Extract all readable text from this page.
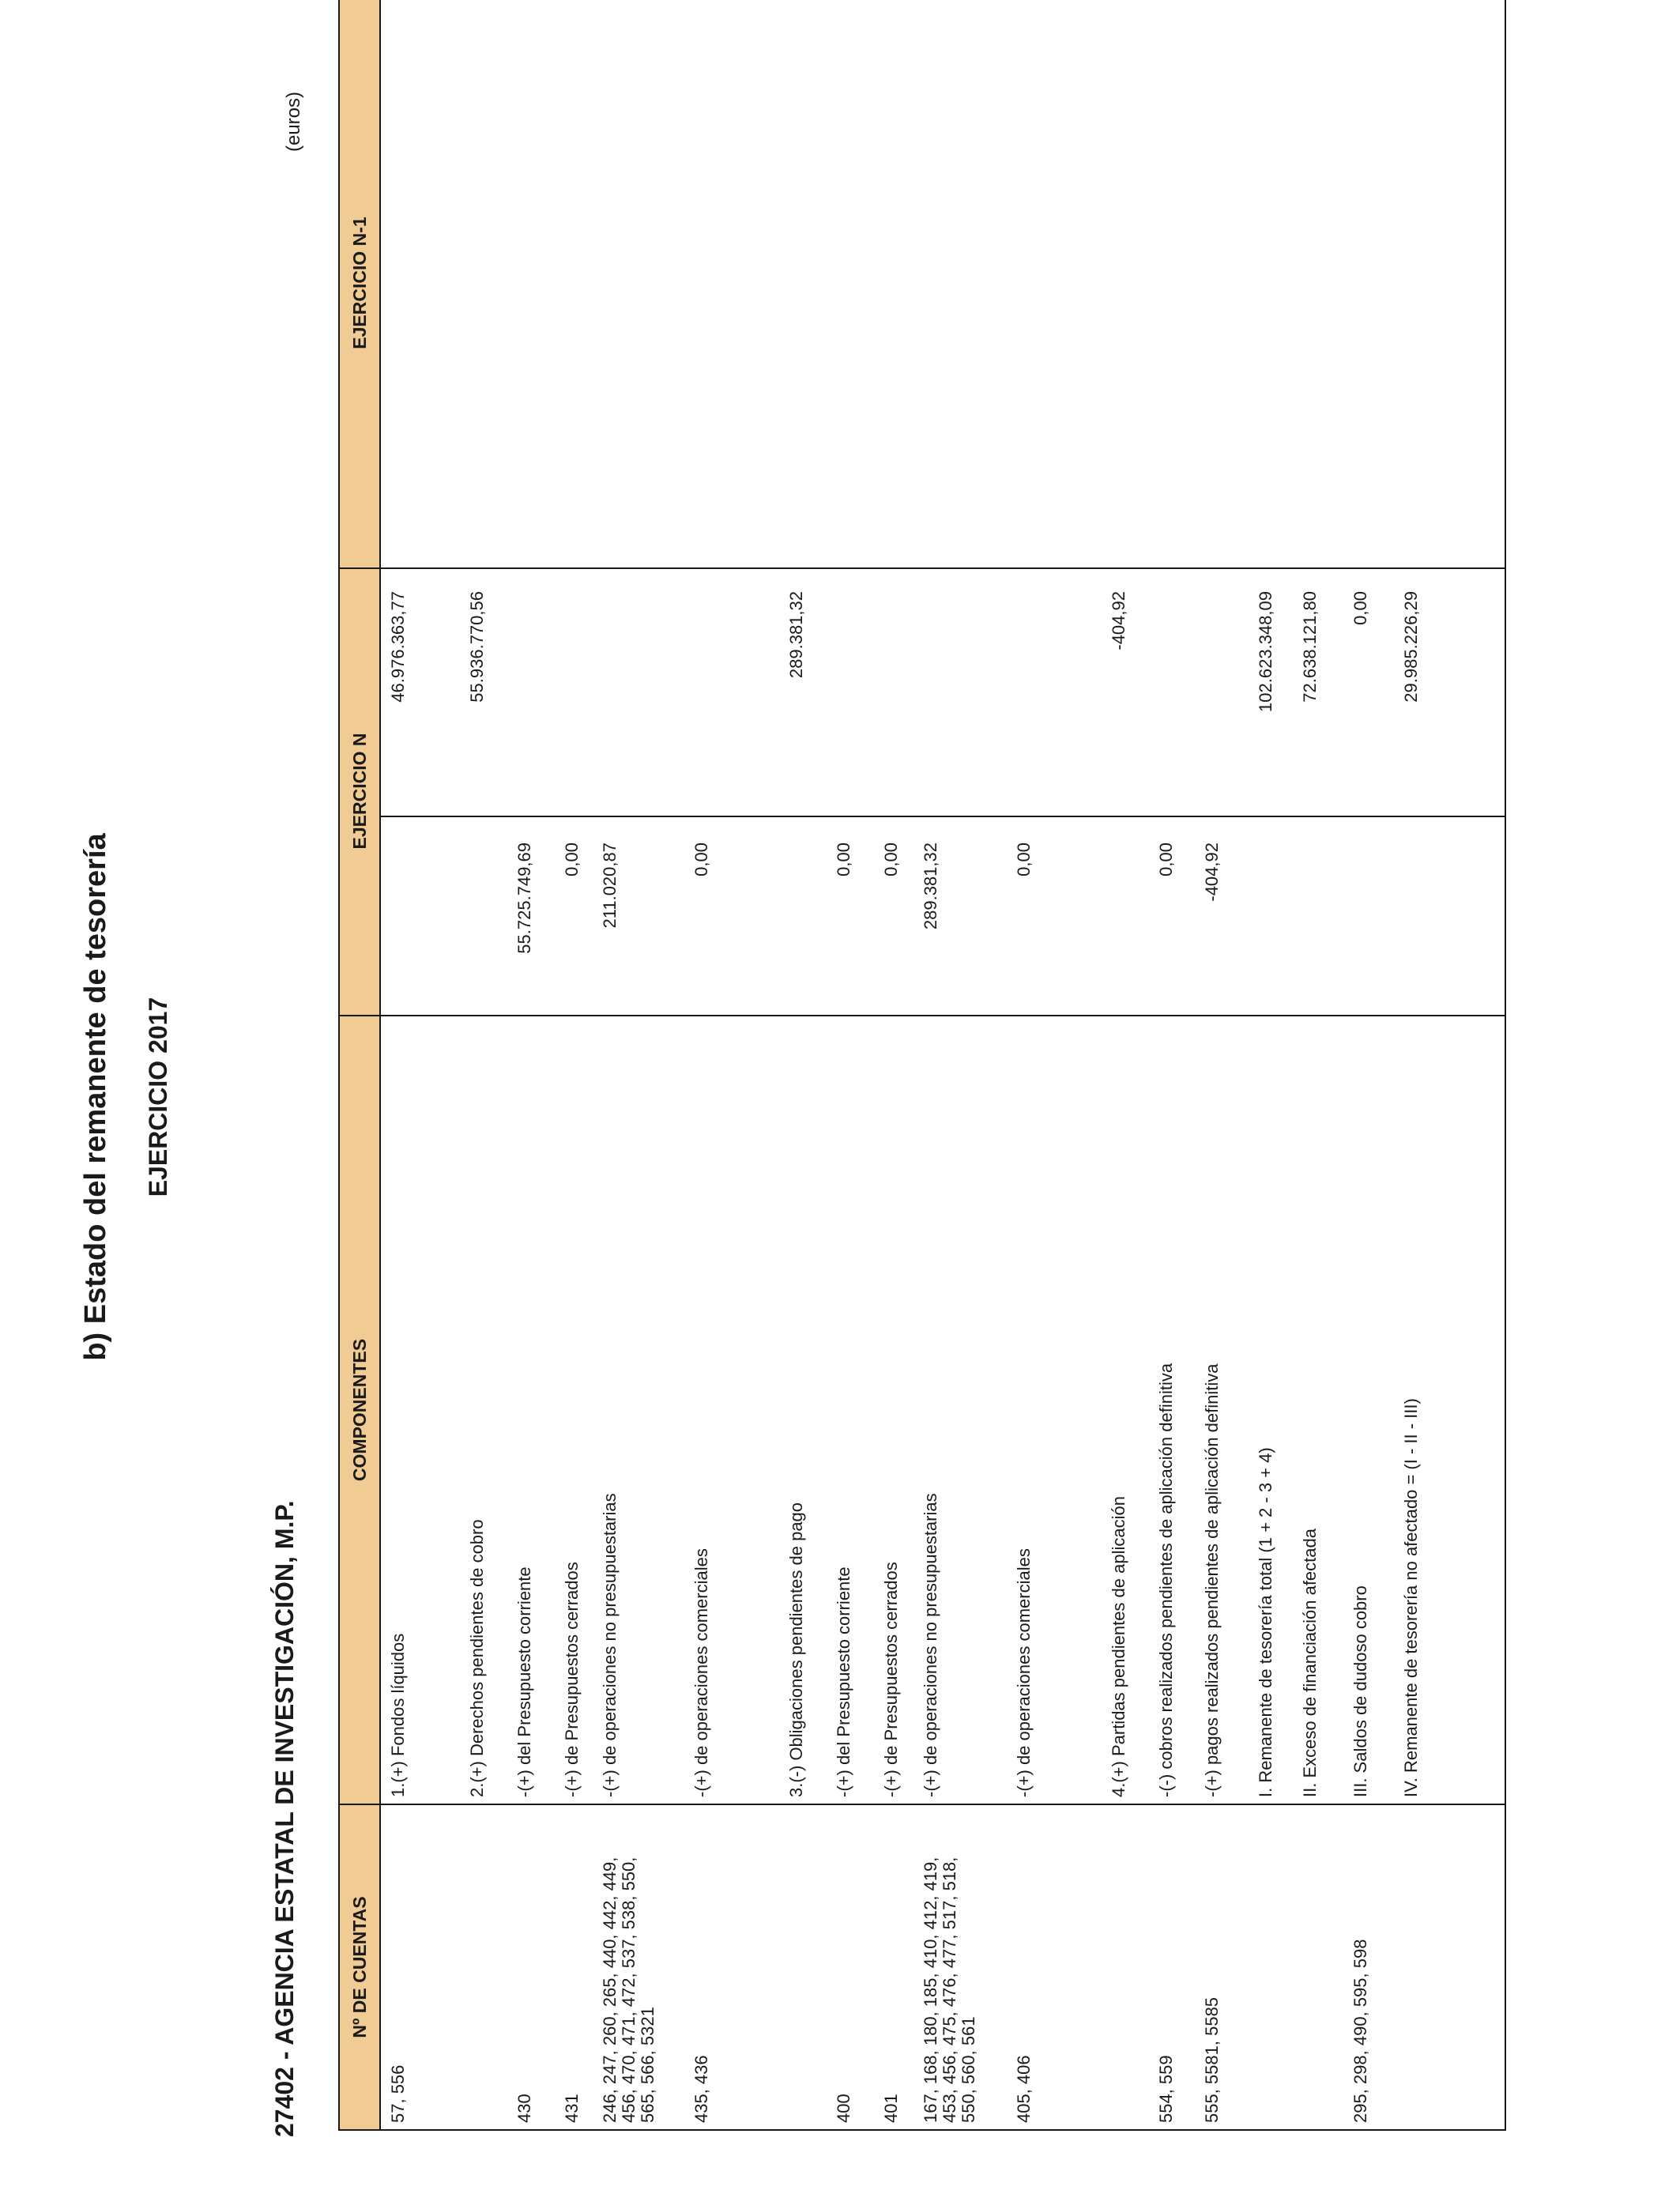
b) Estado del remanente de tesorería EJERCICIO 2017
27402 - AGENCIA ESTATAL DE INVESTIGACIÓN, M.P.
(euros)
Nº DE CUENTAS
COMPONENTES
EJERCICIO N
EJERCICIO N-1
57, 556
1.(+) Fondos líquidos
46.976.363,77
2.(+) Derechos pendientes de cobro
55.936.770,56
430
-(+) del Presupuesto corriente
55.725.749,69
431
-(+) de Presupuestos cerrados
0,00
246, 247, 260, 265, 440, 442, 449, 456, 470, 471, 472, 537, 538, 550, 565, 566, 5321
-(+) de operaciones no presupuestarias
211.020,87
435, 436
-(+) de operaciones comerciales
0,00
3.(-) Obligaciones pendientes de pago
289.381,32
400
-(+) del Presupuesto corriente
0,00
401
-(+) de Presupuestos cerrados
0,00
167, 168, 180, 185, 410, 412, 419, 453, 456, 475, 476, 477, 517, 518, 550, 560, 561
-(+) de operaciones no presupuestarias
289.381,32
405, 406
-(+) de operaciones comerciales
0,00
4.(+) Partidas pendientes de aplicación
-404,92
554, 559
-(-) cobros realizados pendientes de aplicación definitiva
0,00
555, 5581, 5585
-(+) pagos realizados pendientes de aplicación definitiva
-404,92
I. Remanente de tesorería total (1 + 2 - 3 + 4)
102.623.348,09
II. Exceso de financiación afectada
72.638.121,80
295, 298, 490, 595, 598
III. Saldos de dudoso cobro
0,00
IV. Remanente de tesorería no afectado = (I - II - III)
29.985.226,29
